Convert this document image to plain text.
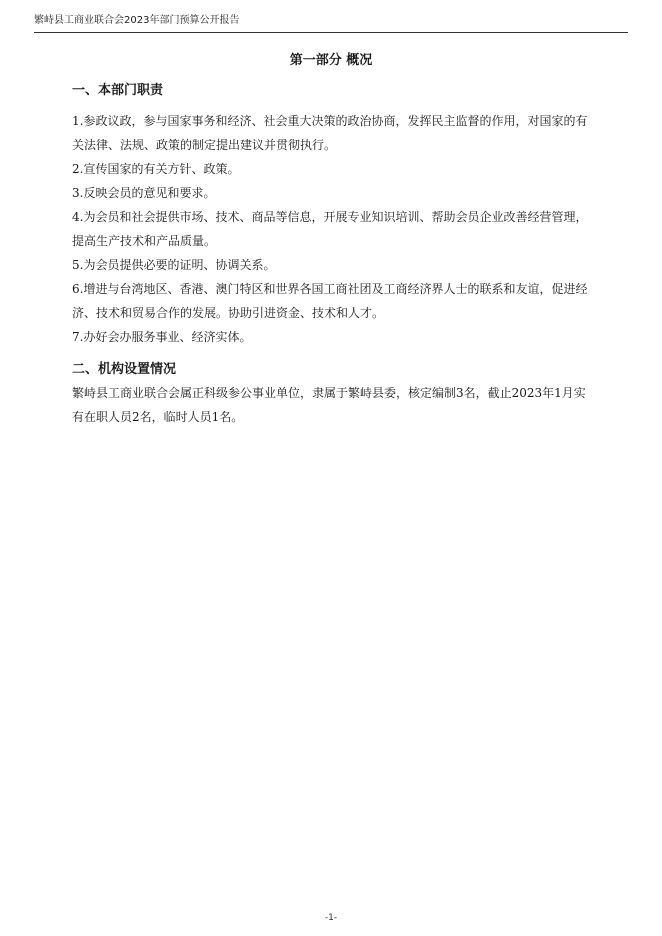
繁峙县工商业联合会2023年部门预算公开报告
第一部分 概况
一、本部门职责

1.参政议政，参与国家事务和经济、社会重大决策的政治协商，发挥民主监督的作用，对国家的有关法律、法规、政策的制定提出建议并贯彻执行。

2.宣传国家的有关方针、政策。

3.反映会员的意见和要求。

4.为会员和社会提供市场、技术、商品等信息，开展专业知识培训、帮助会员企业改善经营管理，提高生产技术和产品质量。

5.为会员提供必要的证明、协调关系。

6.增进与台湾地区、香港、澳门特区和世界各国工商社团及工商经济界人士的联系和友谊，促进经济、技术和贸易合作的发展。协助引进资金、技术和人才。

7.办好会办服务事业、经济实体。

二、机构设置情况

繁峙县工商业联合会属正科级参公事业单位，隶属于繁峙县委，核定编制3名，截止2023年1月实有在职人员2名，临时人员1名。

-1-
